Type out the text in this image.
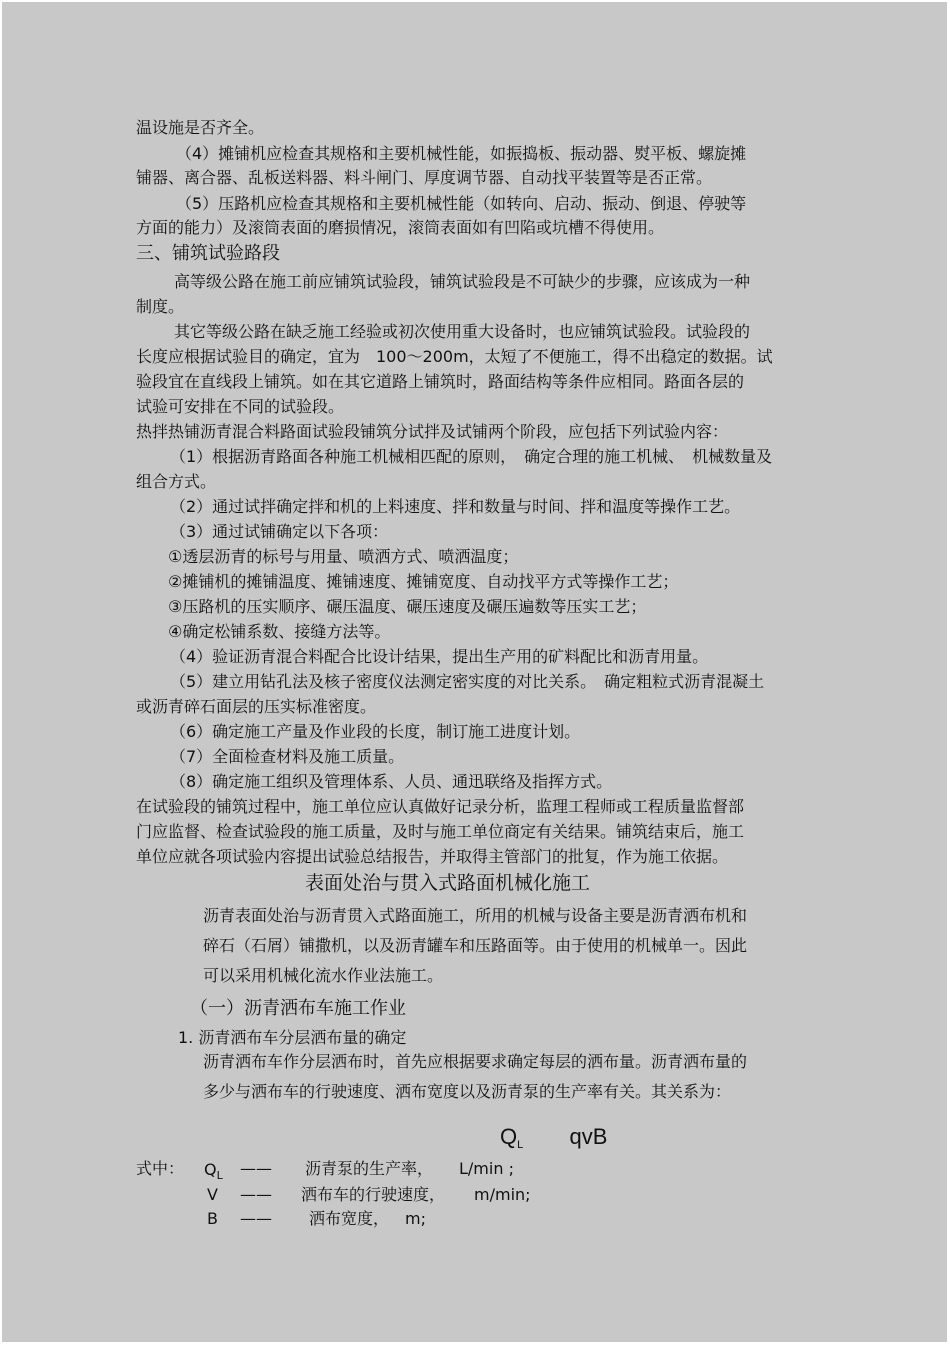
温设施是否齐全。
（4）摊铺机应检查其规格和主要机械性能，如振捣板、振动器、熨平板、螺旋摊
铺器、离合器、乱板送料器、料斗闸门、厚度调节器、自动找平装置等是否正常。
（5）压路机应检查其规格和主要机械性能（如转向、启动、振动、倒退、停驶等
方面的能力）及滚筒表面的磨损情况，滚筒表面如有凹陷或坑槽不得使用。
三、铺筑试验路段
高等级公路在施工前应铺筑试验段，铺筑试验段是不可缺少的步骤，应该成为一种
制度。
其它等级公路在缺乏施工经验或初次使用重大设备时，也应铺筑试验段。试验段的
长度应根据试验目的确定，宜为　100～200m，太短了不便施工，得不出稳定的数据。试
验段宜在直线段上铺筑。如在其它道路上铺筑时，路面结构等条件应相同。路面各层的
试验可安排在不同的试验段。
热拌热铺沥青混合料路面试验段铺筑分试拌及试铺两个阶段，应包括下列试验内容：
（1）根据沥青路面各种施工机械相匹配的原则，　确定合理的施工机械、　机械数量及
组合方式。
（2）通过试拌确定拌和机的上料速度、拌和数量与时间、拌和温度等操作工艺。
（3）通过试铺确定以下各项：
①透层沥青的标号与用量、喷洒方式、喷洒温度；
②摊铺机的摊铺温度、摊铺速度、摊铺宽度、自动找平方式等操作工艺；
③压路机的压实顺序、碾压温度、碾压速度及碾压遍数等压实工艺；
④确定松铺系数、接缝方法等。
（4）验证沥青混合料配合比设计结果，提出生产用的矿料配比和沥青用量。
（5）建立用钻孔法及核子密度仪法测定密实度的对比关系。　确定粗粒式沥青混凝土
或沥青碎石面层的压实标准密度。
（6）确定施工产量及作业段的长度，制订施工进度计划。
（7）全面检查材料及施工质量。
（8）确定施工组织及管理体系、人员、通迅联络及指挥方式。
在试验段的铺筑过程中，施工单位应认真做好记录分析，监理工程师或工程质量监督部
门应监督、检查试验段的施工质量，及时与施工单位商定有关结果。铺筑结束后，施工
单位应就各项试验内容提出试验总结报告，并取得主管部门的批复，作为施工依据。
表面处治与贯入式路面机械化施工
沥青表面处治与沥青贯入式路面施工，所用的机械与设备主要是沥青洒布机和
碎石（石屑）铺撒机，以及沥青罐车和压路面等。由于使用的机械单一。因此
可以采用机械化流水作业法施工。
（一）沥青洒布车施工作业
1. 沥青洒布车分层洒布量的确定
沥青洒布车作分层洒布时，首先应根据要求确定每层的洒布量。沥青洒布量的
多少与洒布车的行驶速度、洒布宽度以及沥青泵的生产率有关。其关系为：
$Q_L$ qvB
式中： $Q_L$ —— 沥青泵的生产率， L/min ;
V —— 洒布车的行驶速度， m/min;
B —— 洒布宽度， m;
